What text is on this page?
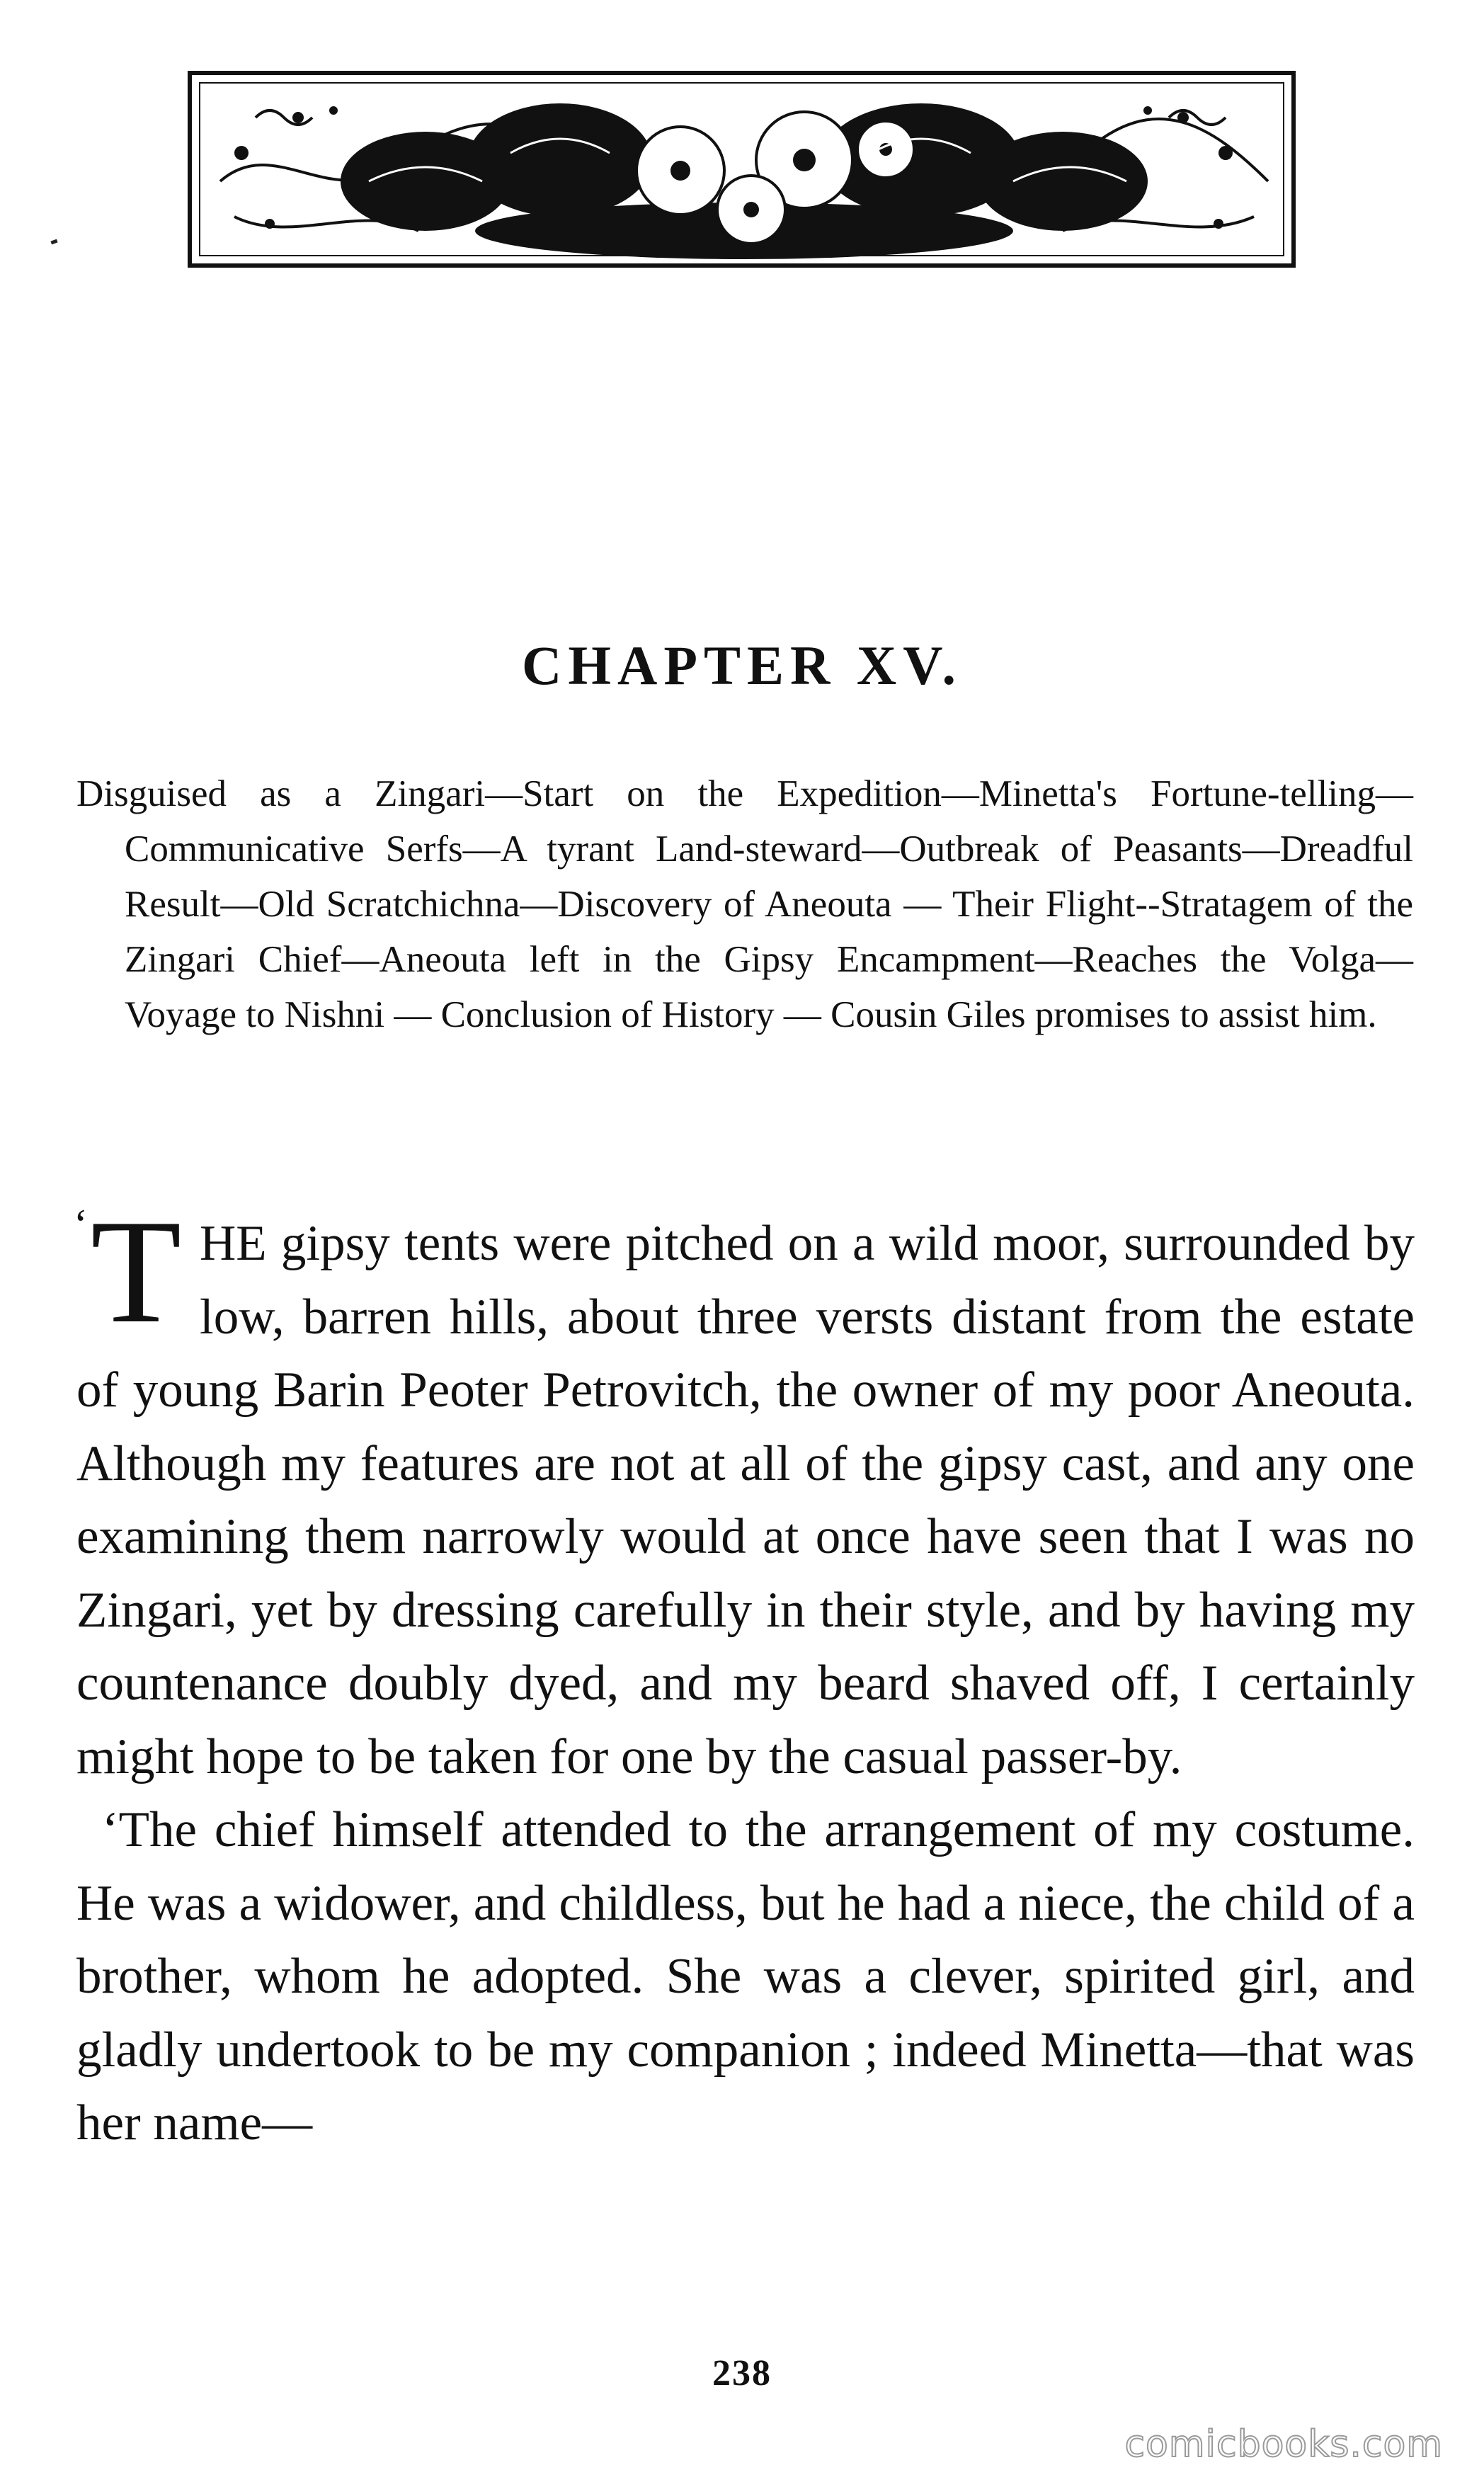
CHAPTER XV.
Disguised as a Zingari—Start on the Expedition—Minetta's Fortune-telling—Communicative Serfs—A tyrant Land-steward—Outbreak of Peasants—Dreadful Result—Old Scratchichna—Discovery of Aneouta — Their Flight--Stratagem of the Zingari Chief—Aneouta left in the Gipsy Encampment—Reaches the Volga—Voyage to Nishni — Conclusion of History — Cousin Giles promises to assist him.

‘ T HE gipsy tents were pitched on a wild moor, surrounded by low, barren hills, about three versts distant from the estate of young Barin Peoter Petrovitch, the owner of my poor Aneouta. Although my features are not at all of the gipsy cast, and any one examining them narrowly would at once have seen that I was no Zingari, yet by dressing carefully in their style, and by having my countenance doubly dyed, and my beard shaved off, I certainly might hope to be taken for one by the casual passer-by.

‘The chief himself attended to the arrangement of my costume. He was a widower, and childless, but he had a niece, the child of a brother, whom he adopted. She was a clever, spirited girl, and gladly undertook to be my companion ; indeed Minetta—that was her name—

238
comicbooks.com
